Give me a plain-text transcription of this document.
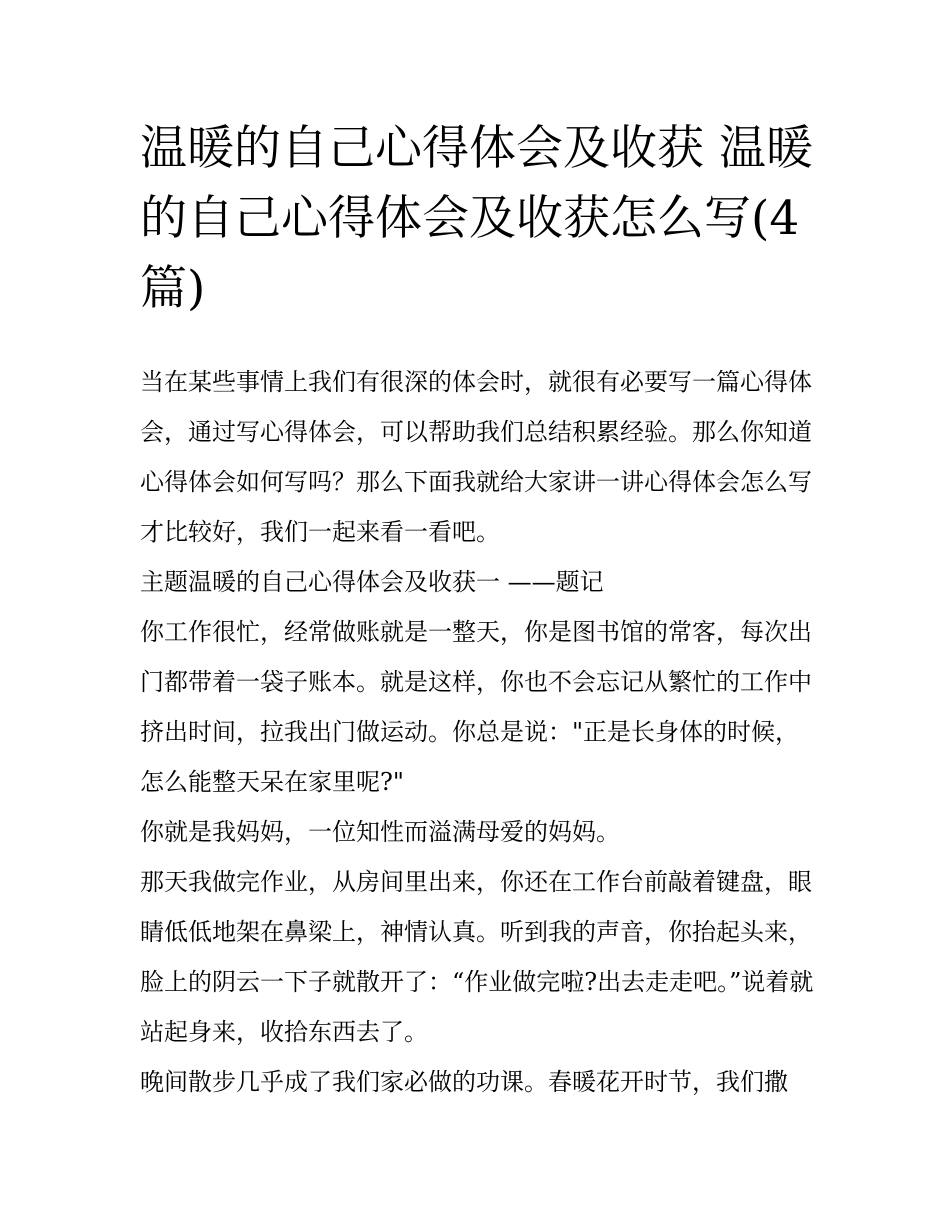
温暖的自己心得体会及收获 温暖的自己心得体会及收获怎么写(4篇)

当在某些事情上我们有很深的体会时，就很有必要写一篇心得体会，通过写心得体会，可以帮助我们总结积累经验。那么你知道心得体会如何写吗？那么下面我就给大家讲一讲心得体会怎么写才比较好，我们一起来看一看吧。

主题温暖的自己心得体会及收获一 ——题记

你工作很忙，经常做账就是一整天，你是图书馆的常客，每次出门都带着一袋子账本。就是这样，你也不会忘记从繁忙的工作中挤出时间，拉我出门做运动。你总是说："正是长身体的时候，怎么能整天呆在家里呢?"

你就是我妈妈，一位知性而溢满母爱的妈妈。

那天我做完作业，从房间里出来，你还在工作台前敲着键盘，眼睛低低地架在鼻梁上，神情认真。听到我的声音，你抬起头来，脸上的阴云一下子就散开了：“作业做完啦?出去走走吧。”说着就站起身来，收拾东西去了。

晚间散步几乎成了我们家必做的功课。春暖花开时节，我们撒
